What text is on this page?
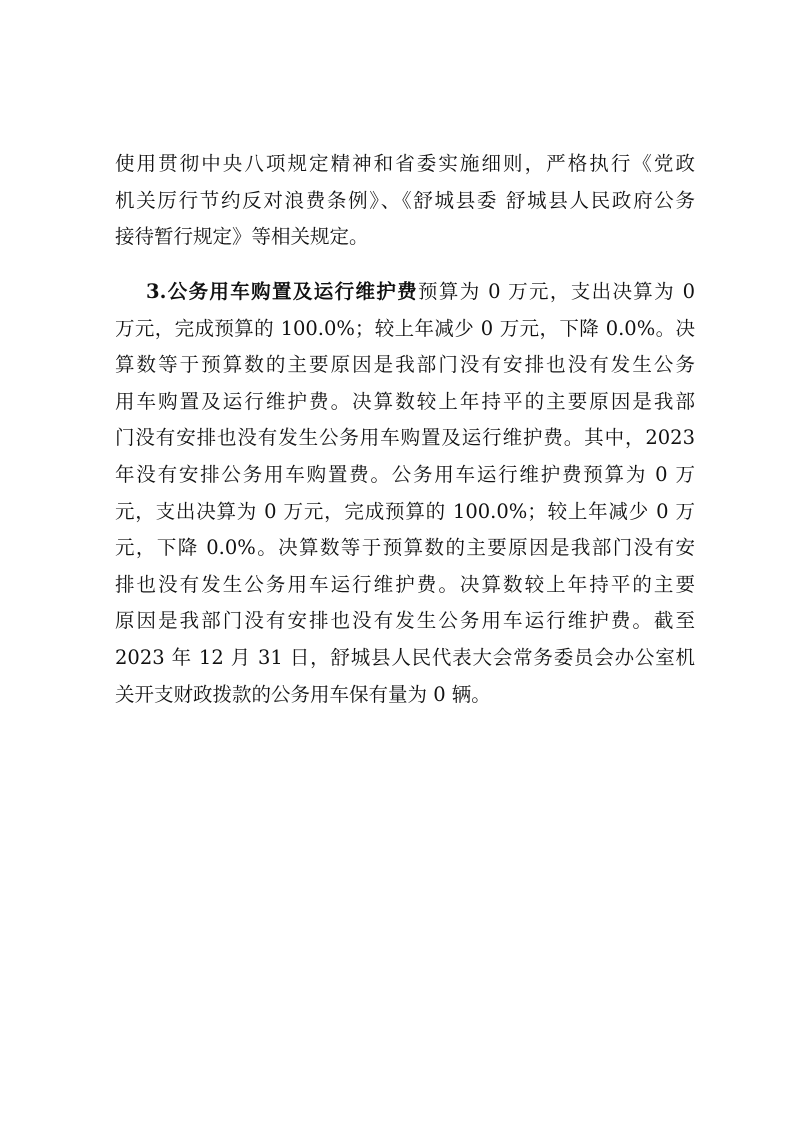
使用贯彻中央八项规定精神和省委实施细则，严格执行《党政
机关厉行节约反对浪费条例》、《舒城县委 舒城县人民政府公务
接待暂行规定》等相关规定。
3.公务用车购置及运行维护费预算为 0 万元，支出决算为 0
万元，完成预算的 100.0%；较上年减少 0 万元，下降 0.0%。决
算数等于预算数的主要原因是我部门没有安排也没有发生公务
用车购置及运行维护费。决算数较上年持平的主要原因是我部
门没有安排也没有发生公务用车购置及运行维护费。其中，2023
年没有安排公务用车购置费。公务用车运行维护费预算为 0 万
元，支出决算为 0 万元，完成预算的 100.0%；较上年减少 0 万
元，下降 0.0%。决算数等于预算数的主要原因是我部门没有安
排也没有发生公务用车运行维护费。决算数较上年持平的主要
原因是我部门没有安排也没有发生公务用车运行维护费。截至
2023 年 12 月 31 日，舒城县人民代表大会常务委员会办公室机
关开支财政拨款的公务用车保有量为 0 辆。
